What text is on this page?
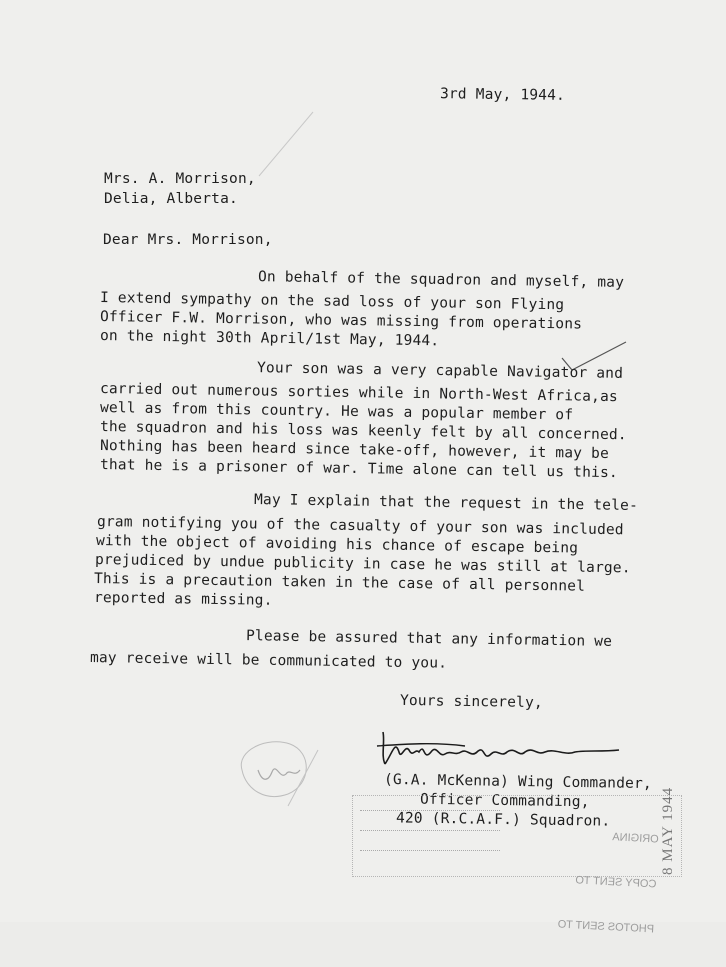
3rd May, 1944.
Mrs. A. Morrison,
Delia, Alberta.
Dear Mrs. Morrison,
On behalf of the squadron and myself, may
I extend sympathy on the sad loss of your son Flying
Officer F.W. Morrison, who was missing from operations
on the night 30th April/1st May, 1944.
Your son was a very capable Navigator and
carried out numerous sorties while in North-West Africa,as
well as from this country. He was a popular member of
the squadron and his loss was keenly felt by all concerned.
Nothing has been heard since take-off, however, it may be
that he is a prisoner of war. Time alone can tell us this.
May I explain that the request in the tele-
gram notifying you of the casualty of your son was included
with the object of avoiding his chance of escape being
prejudiced by undue publicity in case he was still at large.
This is a precaution taken in the case of all personnel
reported as missing.
Please be assured that any information we
may receive will be communicated to you.
Yours sincerely,
(G.A. McKenna) Wing Commander,
Officer Commanding,
420 (R.C.A.F.) Squadron.

ORIGINA

COPY SENT TO

PHOTOS SENT TO

8 MAY 1944
